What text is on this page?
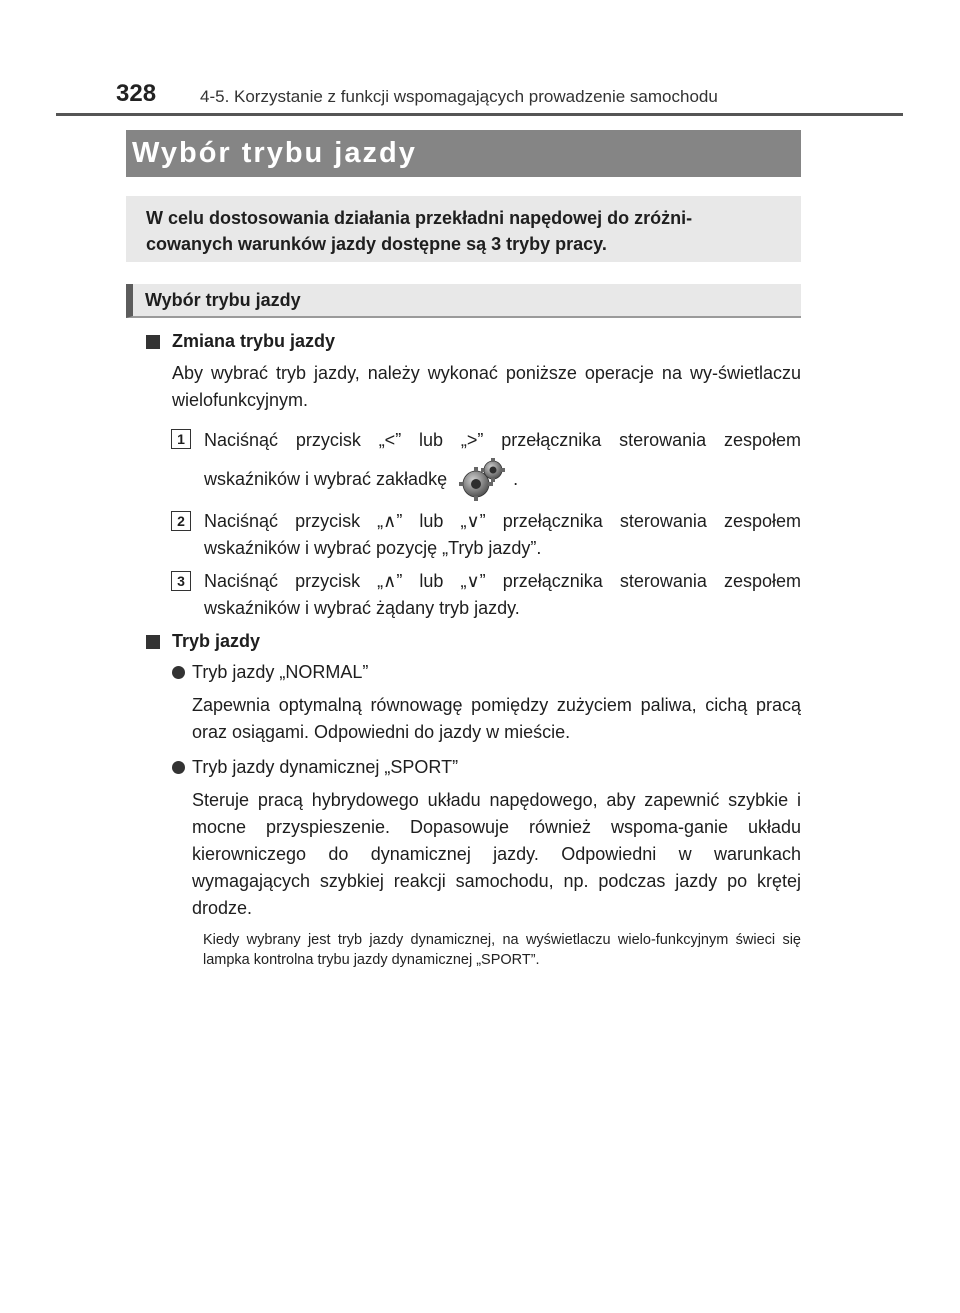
328	4-5. Korzystanie z funkcji wspomagających prowadzenie samochodu
Wybór trybu jazdy
W celu dostosowania działania przekładni napędowej do zróżni-
cowanych warunków jazdy dostępne są 3 tryby pracy.
Wybór trybu jazdy
Zmiana trybu jazdy
Aby wybrać tryb jazdy, należy wykonać poniższe operacje na wy-świetlaczu wielofunkcyjnym.
1	Naciśnąć przycisk „<” lub „>” przełącznika sterowania zespołem wskaźników i wybrać zakładkę	.
2	Naciśnąć przycisk „∧” lub „∨” przełącznika sterowania zespołem wskaźników i wybrać pozycję „Tryb jazdy”.
3	Naciśnąć przycisk „∧” lub „∨” przełącznika sterowania zespołem wskaźników i wybrać żądany tryb jazdy.
Tryb jazdy
Tryb jazdy „NORMAL”
Zapewnia optymalną równowagę pomiędzy zużyciem paliwa, cichą pracą oraz osiągami. Odpowiedni do jazdy w mieście.
Tryb jazdy dynamicznej „SPORT”
Steruje pracą hybrydowego układu napędowego, aby zapewnić szybkie i mocne przyspieszenie. Dopasowuje również wspoma-ganie układu kierowniczego do dynamicznej jazdy. Odpowiedni w warunkach wymagających szybkiej reakcji samochodu, np. podczas jazdy po krętej drodze.
Kiedy wybrany jest tryb jazdy dynamicznej, na wyświetlaczu wielo-funkcyjnym świeci się lampka kontrolna trybu jazdy dynamicznej „SPORT”.
